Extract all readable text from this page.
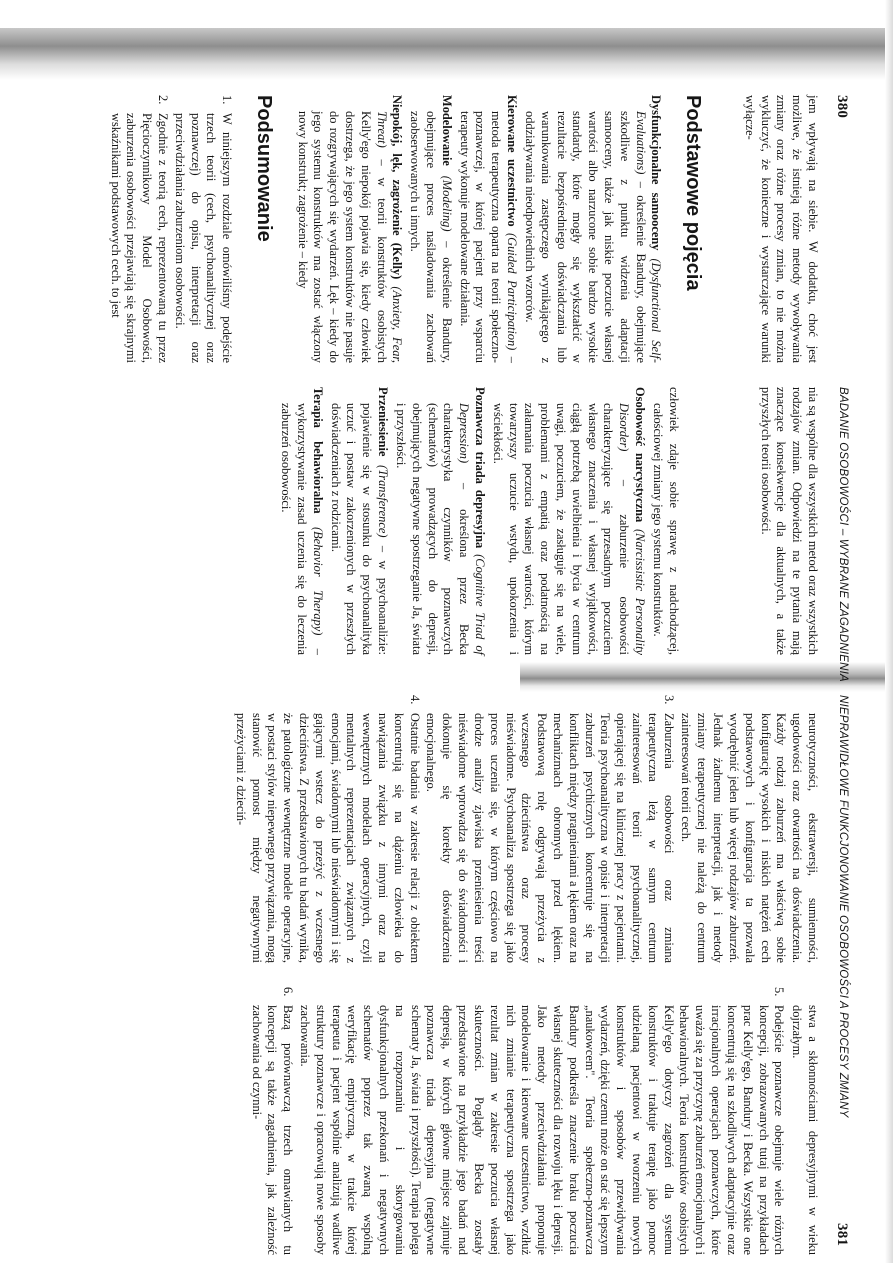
380
BADANIE OSOBOWOŚCI – WYBRANE ZAGADNIENIA

jem wpływają na siebie. W dodatku, choć jest możliwe, że istnieją różne metody wywoływania zmiany oraz różne procesy zmian, to nie można wykluczyć, że konieczne i wystarczające warunki wyłącze-

Podstawowe pojęcia

Dysfunkcjonalne samooceny (Dysfunctional Self-Evaluations) – określenie Bandury, obejmujące szkodliwe z punktu widzenia adaptacji samooceny, także jak niskie poczucie własnej wartości albo narzucone sobie bardzo wysokie standardy, które mogły się wykształcić w rezultacie bezpośredniego doświadczania lub warunkowania zastępczego wynikającego z oddziaływania nieodpowiednich wzorców.

Kierowane uczestnictwo (Guided Participation) – metoda terapeutyczna oparta na teorii społeczno-poznawczej, w której pacjent przy wsparciu terapeuty wykonuje modelowane działania.

Modelowanie (Modeling) – określenie Bandury, obejmujące proces naśladowania zachowań zaobserwowanych u innych.

Niepokój, lęk, zagrożenie (Kelly) (Anxiety, Fear, Threat) – w teorii konstruktów osobistych Kelly'ego niepokój pojawia się, kiedy człowiek dostrzega, że jego system konstruktów nie pasuje do rozgrywających się wydarzeń. Lęk – kiedy do jego systemu konstruktów ma zostać włączony nowy konstrukt; zagrożenie – kiedy

Podsumowanie
1.
W niniejszym rozdziale omówiliśmy podejście trzech teorii (cech, psychoanalitycznej oraz poznawczej) do opisu, interpretacji oraz przeciwdziałania zaburzeniom osobowości.
2.
Zgodnie z teorią cech, reprezentowaną tu przez Pięcioczynnikowy Model Osobowości, zaburzenia osobowości przejawiają się skrajnymi wskaźnikami podstawowych cech. to jest

nia są wspólne dla wszystkich metod oraz wszystkich rodzajów zmian. Odpowiedzi na te pytania mają znaczące konsekwencje dla aktualnych, a także przyszłych teorii osobowości.

człowiek zdaje sobie sprawę z nadchodzącej, całościowej zmiany jego systemu konstruktów.

Osobowość narcystyczna (Narcissistic Personality Disorder) – zaburzenie osobowości charakteryzujące się przesadnym poczuciem własnego znaczenia i własnej wyjątkowości, ciągłą potrzebą uwielbienia i bycia w centrum uwagi, poczuciem, że zasługuje się na wiele, problemami z empatią oraz podatnością na załamania poczucia własnej wartości, którym towarzyszy uczucie wstydu, upokorzenia i wściekłości.

Poznawcza triada depresyjna (Cognitive Triad of Depression) – określona przez Becka charakterystyka czynników poznawczych (schematów) prowadzących do depresji, obejmujących negatywne spostrzeganie Ja, świata i przyszłości.

Przeniesienie (Transference) – w psychoanalizie: pojawienie się w stosunku do psychoanalityka uczuć i postaw zakorzenionych w przeszłych doświadczeniach z rodzicami.

Terapia behawioralna (Behavior Therapy) – wykorzystywanie zasad uczenia się do leczenia zaburzeń osobowości.

NIEPRAWIDŁOWE FUNKCJONOWANIE OSOBOWOŚCI A PROCESY ZMIANY
381

neurotyczności, ekstrawersji, sumienności, ugodowości oraz otwartości na doświadczenia. Każdy rodzaj zaburzeń ma właściwą sobie konfigurację wysokich i niskich natężeń cech podstawowych i konfiguracja ta pozwala wyodrębnić jeden lub więcej rodzajów zaburzeń. Jednak żadnemu interpretacji, jak i metody zmiany terapeutycznej nie należą do centrum zainteresowań teorii cech.

3.
Zaburzenia osobowości oraz zmiana terapeutyczna leżą w samym centrum zainteresowań teorii psychoanalitycznej, opierającej się na klinicznej pracy z pacjentami. Teoria psychoanalityczna w opisie i interpretacji zaburzeń psychicznych koncentruje się na konfliktach między pragnieniami a lękiem oraz na mechanizmach obronnych przed lękiem. Podstawową rolę odgrywają przeżycia z wczesnego dzieciństwa oraz procesy nieświadome. Psychoanaliza spostrzega się jako proces uczenia się, w którym częściowo na drodze analizy zjawiska przeniesienia treści nieświadome wprowadza się do świadomości i dokonuje się korekty doświadczenia emocjonalnego.
4.
Ostatnie badania w zakresie relacji z obiektem koncentrują się na dążeniu człowieka do nawiązania związku z innymi oraz na wewnętrznych modelach operacyjnych, czyli mentalnych reprezentacjach związanych z emocjami, świadomymi lub nieświadomymi i się gającymi wstecz do przeżyć z wczesnego dzieciństwa. Z przedstawionych tu badań wynika, że patologiczne wewnętrzne modele operacyjne, w postaci stylów niepewnego przywiązania, mogą stanowić pomost między negatywnymi przeżyciami z dzieciń-

stwa a skłonnościami depresyjnymi w wieku dojrzałym.

5.
Podejście poznawcze obejmuje wiele różnych koncepcji, zobrazowanych tutaj na przykładach prac Kelly'ego, Bandury i Becka. Wszystkie one koncentrują się na szkodliwych adaptacyjnie oraz irracjonalnych operacjach poznawczych, które uważa się za przyczynę zaburzeń emocjonalnych i behawioralnych. Teoria konstruktów osobistych Kelly'ego dotyczy zagrożeń dla systemu konstruktów i traktuje terapię jako pomoc udzielaną pacjentowi w tworzeniu nowych konstruktów i sposobów przewidywania wydarzeń, dzięki czemu może on stać się lepszym „naukowcem". Teoria społeczno-poznawcza Bandury podkreśla znaczenie braku poczucia własnej skuteczności dla rozwoju lęku i depresji. Jako metody przeciwdziałania proponuje modelowanie i kierowane uczestnictwo, wzdłuż nich zmianie terapeutyczna spostrzega jako rezultat zmian w zakresie poczucia własnej skuteczności. Poglądy Becka zostały przedstawione na przykładzie jego badań nad depresją, w których główne miejsce zajmuje poznawcza triada depresyjna (negatywne schematy Ja, świata i przyszłości). Terapia polega na rozpoznaniu i skorygowaniu dysfunkcjonalnych przekonań i negatywnych schematów poprzez tak zwaną wspólną weryfikację empiryczną, w trakcie której terapeuta i pacjent wspólnie analizują wadliwe struktury poznawcze i opracowują nowe sposoby zachowania.
6.
Bazą porównawczą trzech omawianych tu koncepcji są także zagadnienia, jak zależność zachowania od czynni-
